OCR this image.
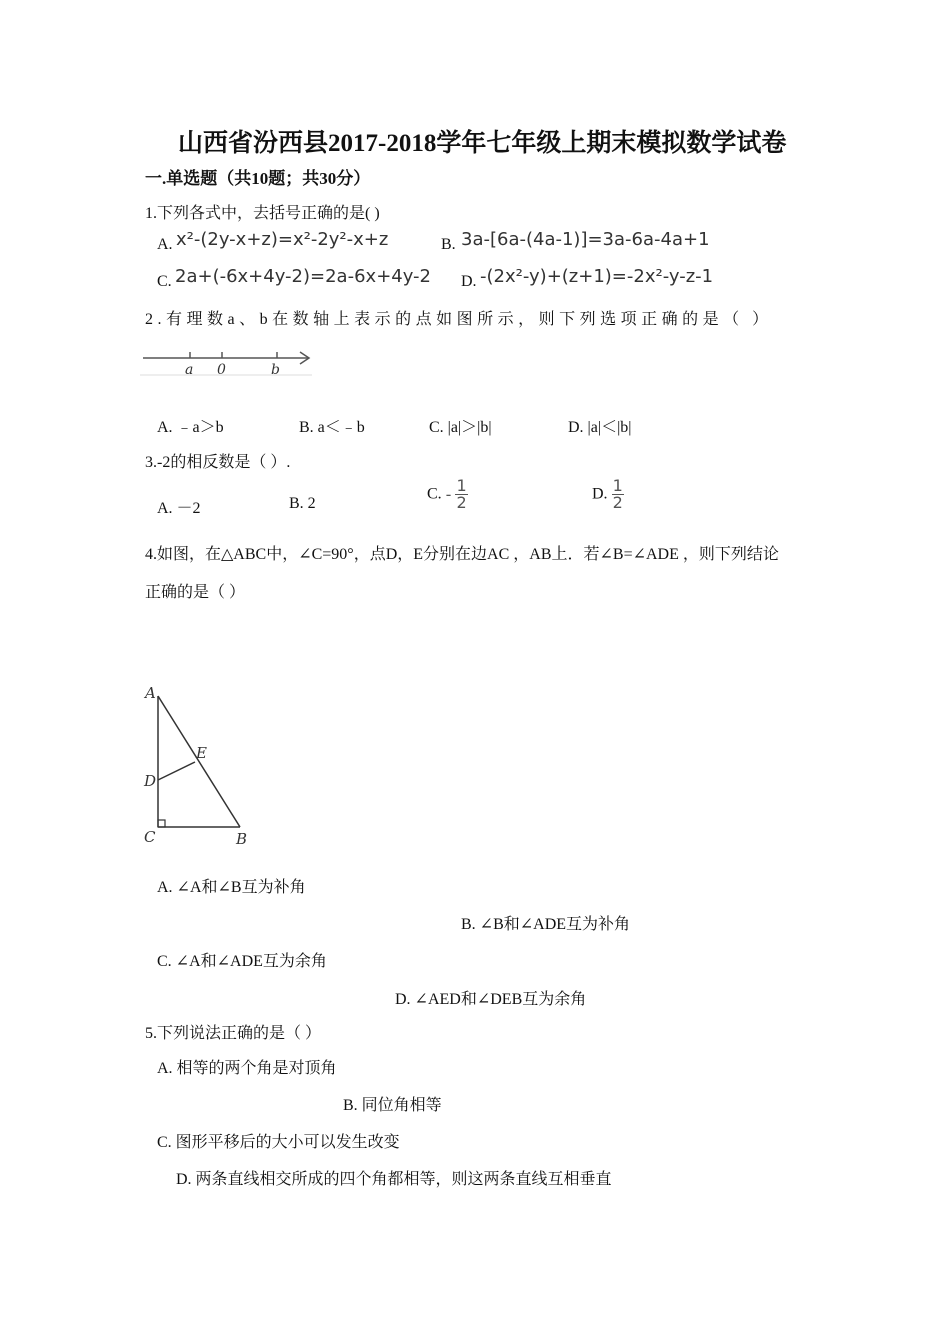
山西省汾西县2017-2018学年七年级上期末模拟数学试卷
一.单选题（共10题；共30分）
1.下列各式中，去括号正确的是( )
A. x²-(2y-x+z)=x²-2y²-x+z	B. 3a-[6a-(4a-1)]=3a-6a-4a+1
C. 2a+(-6x+4y-2)=2a-6x+4y-2 D. -(2x²-y)+(z+1)=-2x²-y-z-1
2.有理数a、b在数轴上表示的点如图所示，则下列选项正确的是（ ）
a 0	b
A. ﹣a＞b	B. a＜﹣b	C. |a|＞|b|	D. |a|＜|b|
3.-2的相反数是（ ）.
A. －2	B. 2
C. - $\frac{1}{2}$	D. $\frac{1}{2}$
4.如图，在△ABC中，∠C=90°，点D，E分别在边AC ，AB上．若∠B=∠ADE ，则下列结论
正确的是（ ）
A
B
C
D
E
A. ∠A和∠B互为补角
B. ∠B和∠ADE互为补角
C. ∠A和∠ADE互为余角
D. ∠AED和∠DEB互为余角
5.下列说法正确的是（ ）
A. 相等的两个角是对顶角
B. 同位角相等
C. 图形平移后的大小可以发生改变
D. 两条直线相交所成的四个角都相等，则这两条直线互相垂直
